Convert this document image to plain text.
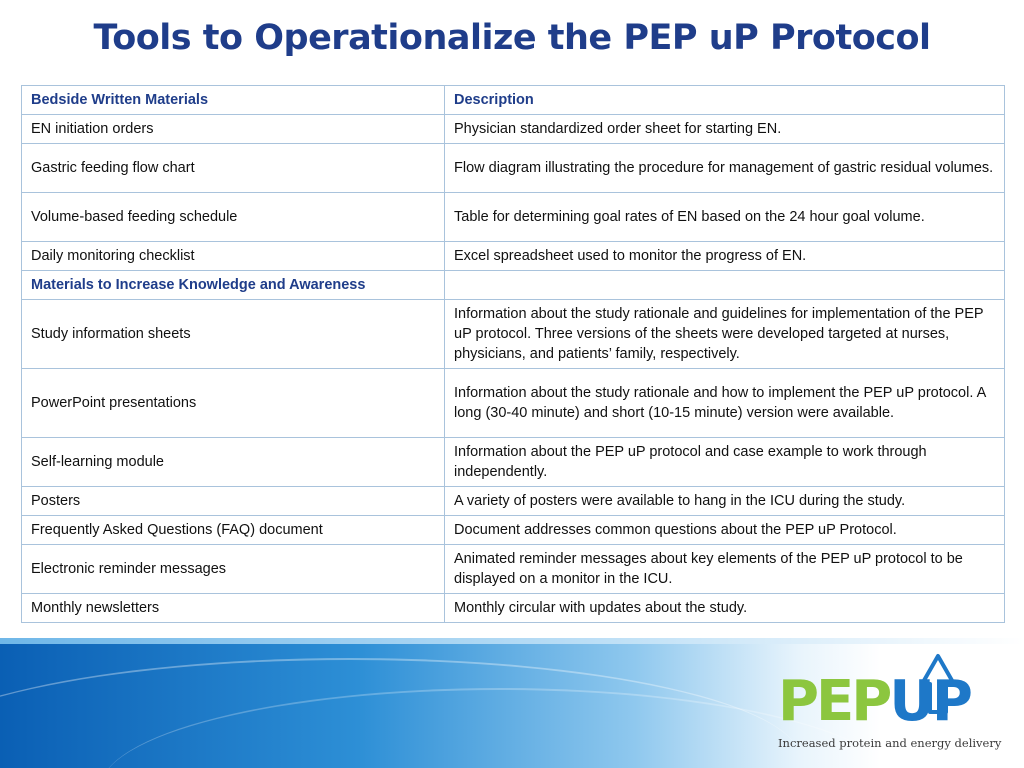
Tools to Operationalize the PEP uP Protocol
Bedside Written Materials	Description
EN initiation orders	Physician standardized order sheet for starting EN.
Gastric feeding flow chart	Flow diagram illustrating the procedure for management of gastric residual volumes.
Volume-based feeding schedule	Table for determining goal rates of EN based on the 24 hour goal volume.
Daily monitoring checklist	Excel spreadsheet used to monitor the progress of EN.
Materials to Increase Knowledge and Awareness	
Study information sheets	Information about the study rationale and guidelines for implementation of the PEP uP protocol. Three versions of the sheets were developed targeted at nurses, physicians, and patients’ family, respectively.
PowerPoint presentations	Information about the study rationale and how to implement the PEP uP protocol. A long (30-40 minute) and short (10-15 minute) version were available.
Self-learning module	Information about the PEP uP protocol and case example to work through independently.
Posters	A variety of posters were available to hang in the ICU during the study.
Frequently Asked Questions (FAQ) document	Document addresses common questions about the PEP uP Protocol.
Electronic reminder messages	Animated reminder messages about key elements of the PEP uP protocol to be displayed on a monitor in the ICU.
Monthly newsletters	Monthly circular with updates about the study.
PEPUP
Increased protein and energy delivery
